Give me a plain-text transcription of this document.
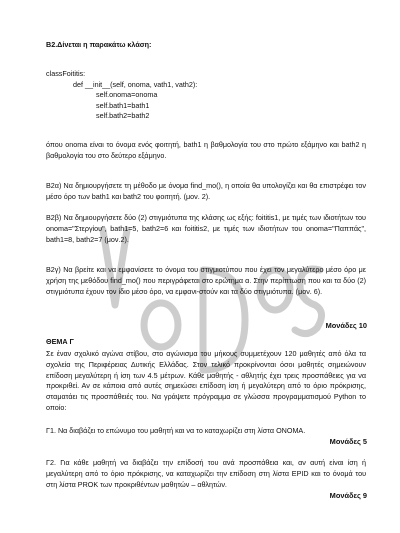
B2.Δίνεται η παρακάτω κλάση:

classFoititis:
def __init__(self, onoma, vath1, vath2):
self.onoma=onoma
self.bath1=bath1
self.bath2=bath2

όπου onoma είναι το όνομα ενός φοιτητή, bath1 η βαθμολογία του στο πρώτο εξάμηνο και bath2 η βαθμολογία του στο δεύτερο εξάμηνο.

B2α) Να δημιουργήσετε τη μέθοδο με όνομα find_mo(), η οποία θα υπολογίζει και θα επιστρέφει τον μέσο όρο των bath1 και bath2 του φοιτητή. (μον. 2).

B2β) Να δημιουργήσετε δύο (2) στιγμιότυπα της κλάσης ως εξής: foititis1, με τιμές των ιδιοτήτων του onoma="Στεργίου", bath1=5, bath2=6 και foititis2, με τιμές των ιδιοτήτων του onoma="Παππάς", bath1=8, bath2=7 (μον.2).

B2γ) Να βρείτε και να εμφανίσετε το όνομα του στιγμιοτύπου που έχει τον μεγαλύτερο μέσο όρο με χρήση της μεθόδου find_mo() που περιγράφεται στο ερώτημα α. Στην περίπτωση που και τα δύο (2) στιγμιότυπα έχουν τον ίδιο μέσο όρο, να εμφανι-στούν και τα δύο στιγμιότυπα. (μον. 6).

Μονάδες 10

ΘΕΜΑ Γ

Σε έναν σχολικό αγώνα στίβου, στο αγώνισμα του μήκους συμμετέχουν 120 μαθητές από όλα τα σχολεία της Περιφέρειας Δυτικής Ελλάδας. Στον τελικό προκρίνονται όσοι μαθητές σημειώνουν επίδοση μεγαλύτερη ή ίση των 4.5 μέτρων. Κάθε μαθητής - αθλητής έχει τρεις προσπάθειες για να προκριθεί. Αν σε κάποια από αυτές σημειώσει επίδοση ίση ή μεγαλύτερη από το όριο πρόκρισης, σταματάει τις προσπάθειές του. Να γράψετε πρόγραμμα σε γλώσσα προγραμματισμού Python το οποίο:

Γ1. Να διαβάζει το επώνυμο του μαθητή και να το καταχωρίζει στη λίστα ONOMA.

Μονάδες 5

Γ2. Για κάθε μαθητή να διαβάζει την επίδοσή του ανά προσπάθεια και, αν αυτή είναι ίση ή μεγαλύτερη από το όριο πρόκρισης, να καταχωρίζει την επίδοση στη λίστα EPID και το όνομά του στη λίστα PROK των προκριθέντων μαθητών – αθλητών.

Μονάδες 9
